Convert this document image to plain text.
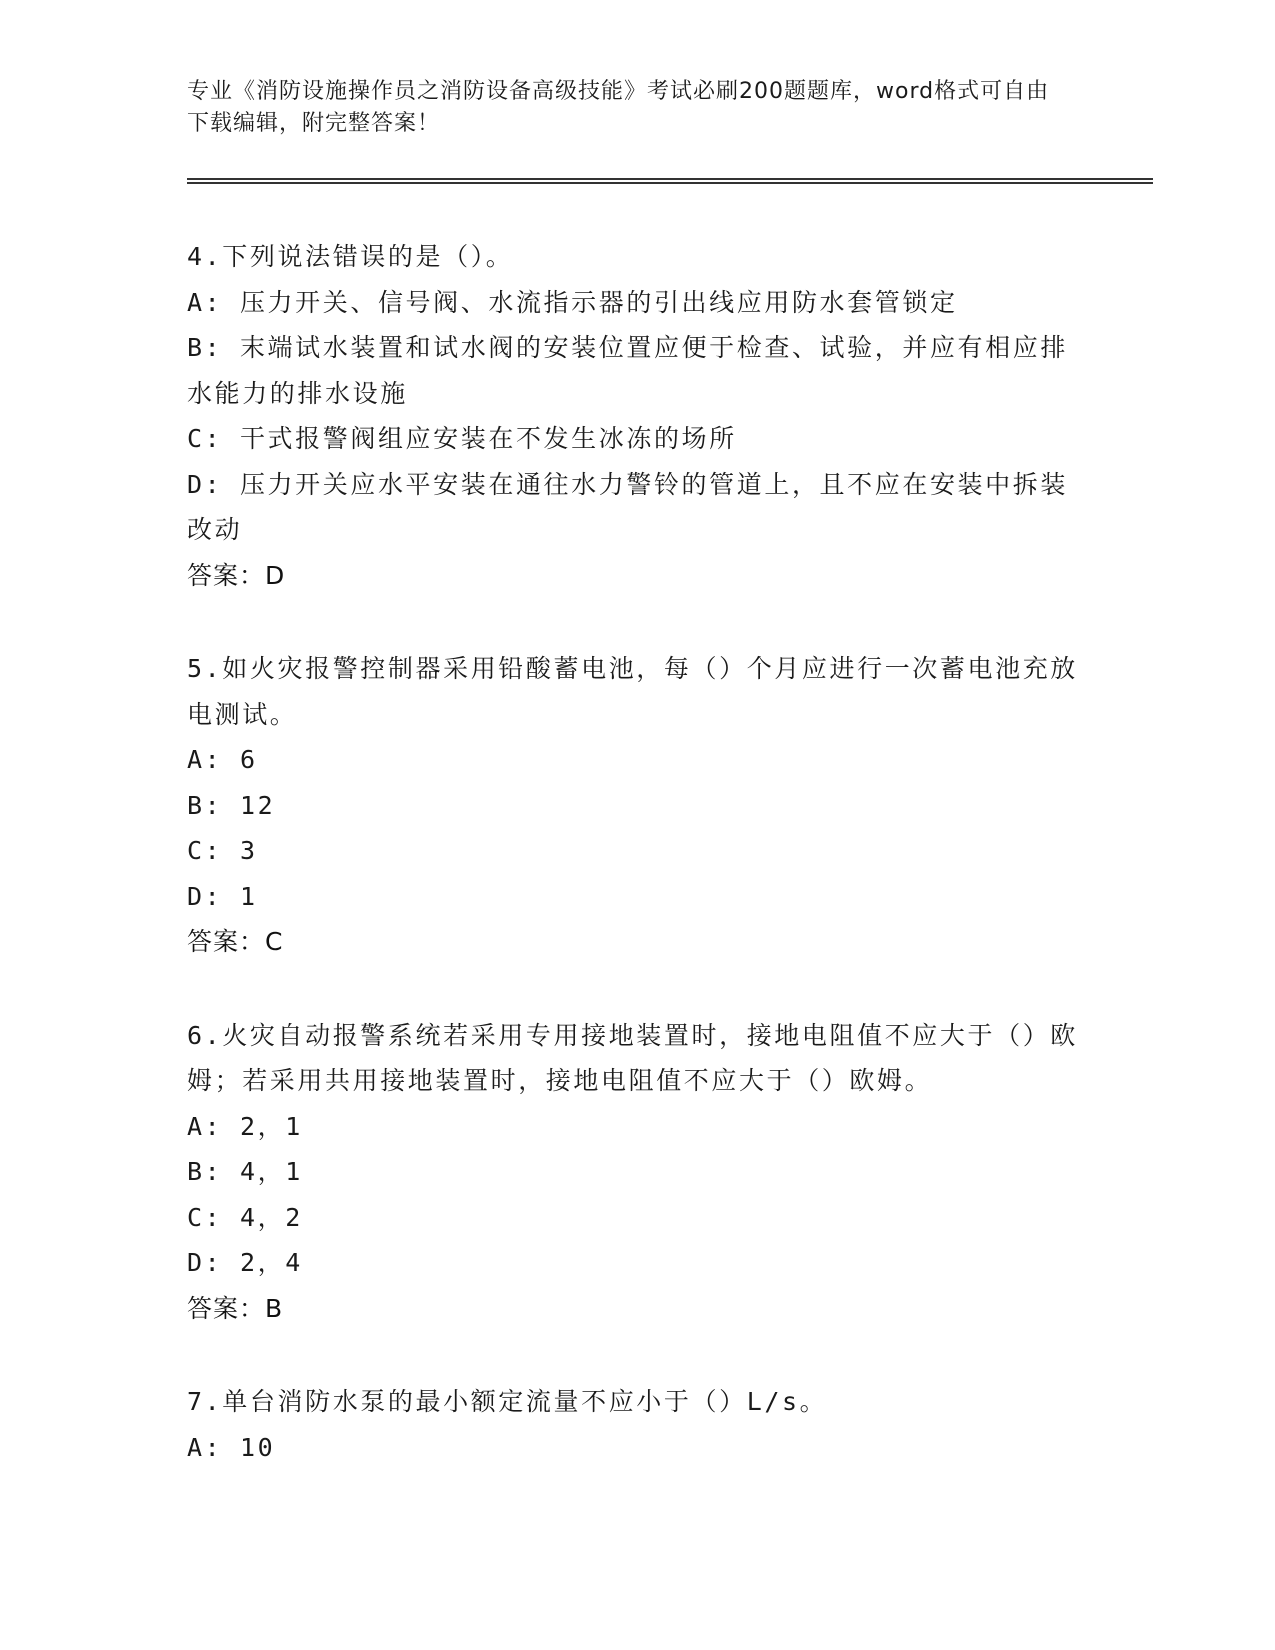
专业《消防设施操作员之消防设备高级技能》考试必刷200题题库，word格式可自由下载编辑，附完整答案！
4.下列说法错误的是（）。
A: 压力开关、信号阀、水流指示器的引出线应用防水套管锁定
B: 末端试水装置和试水阀的安装位置应便于检查、试验，并应有相应排水能力的排水设施
C: 干式报警阀组应安装在不发生冰冻的场所
D: 压力开关应水平安装在通往水力警铃的管道上，且不应在安装中拆装改动
答案：D
5.如火灾报警控制器采用铅酸蓄电池，每（）个月应进行一次蓄电池充放电测试。
A: 6
B: 12
C: 3
D: 1
答案：C
6.火灾自动报警系统若采用专用接地装置时，接地电阻值不应大于（）欧姆；若采用共用接地装置时，接地电阻值不应大于（）欧姆。
A: 2，1
B: 4，1
C: 4，2
D: 2，4
答案：B
7.单台消防水泵的最小额定流量不应小于（）L/s。
A: 10
